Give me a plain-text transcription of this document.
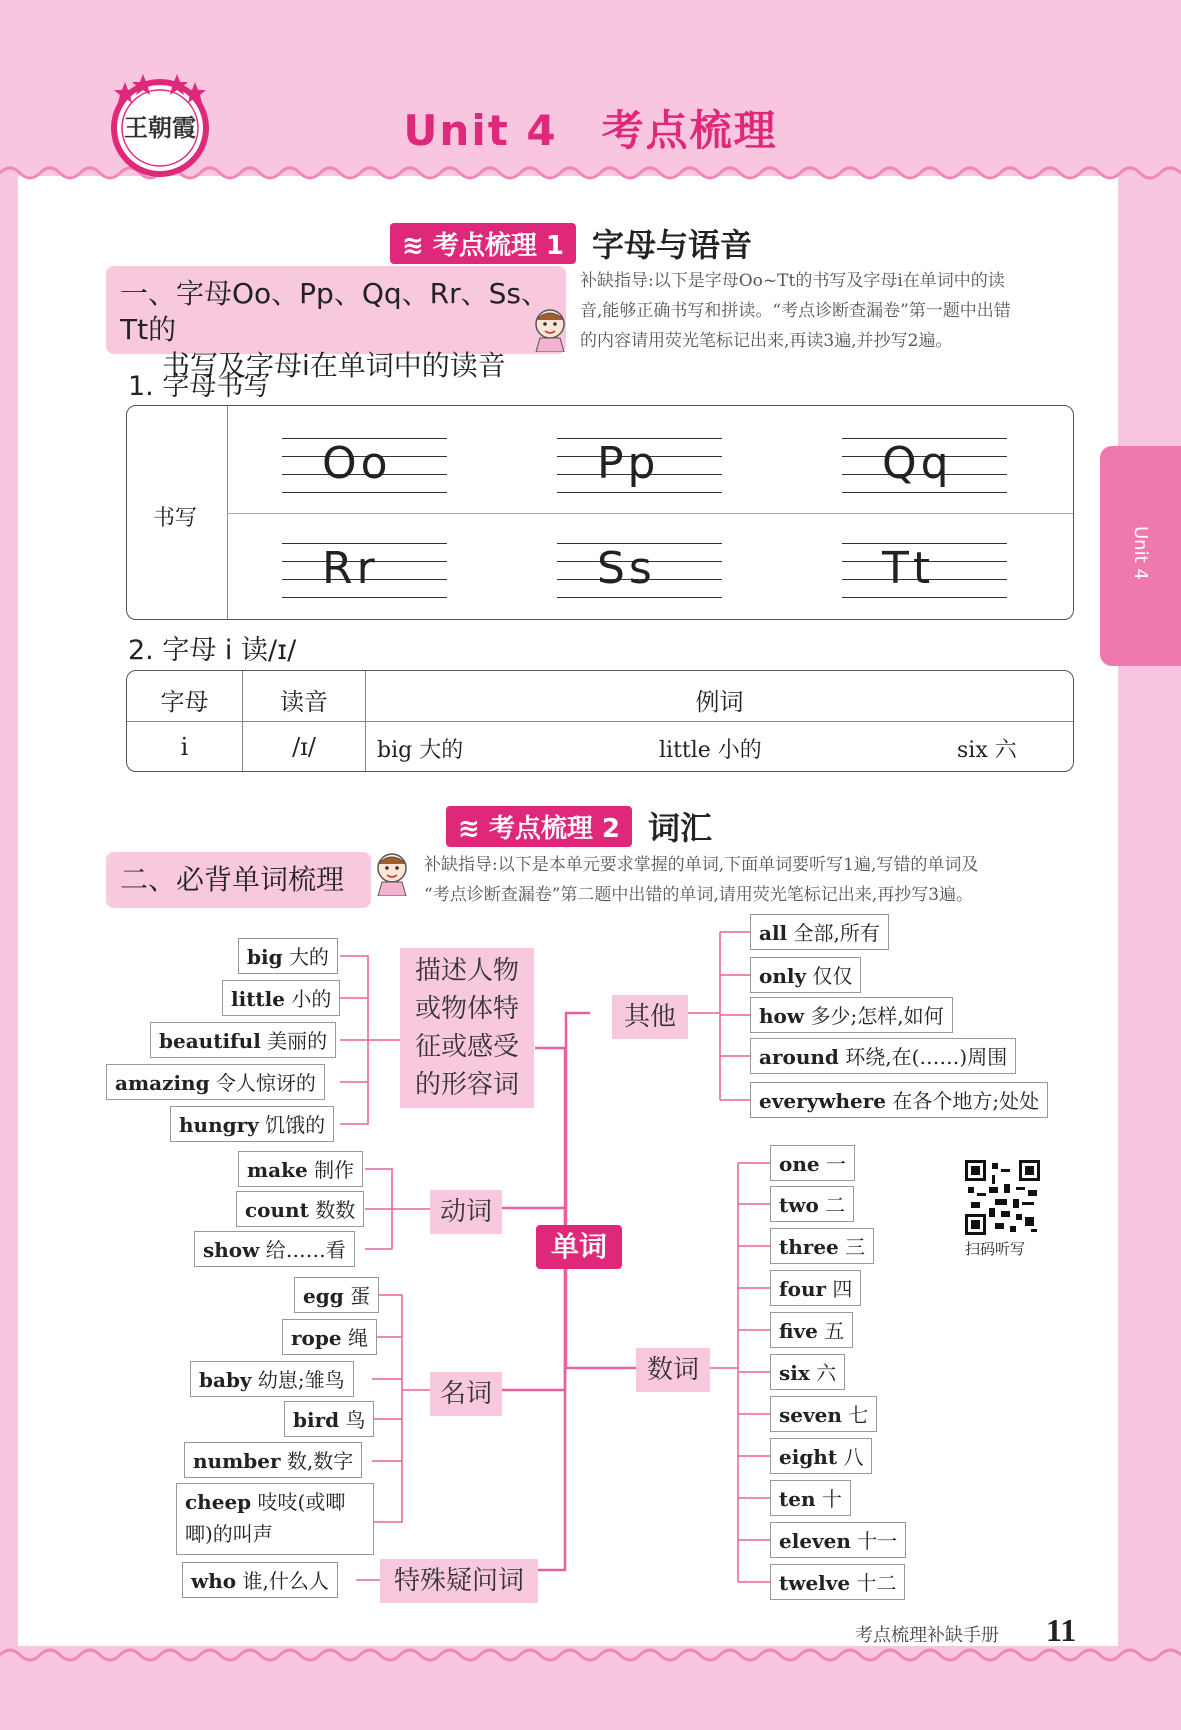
王朝霞	Unit 4　考点梳理
Unit 4
≋ 考点梳理 1 字母与语音
一、字母Oo、Pp、Qq、Rr、Ss、Tt的
书写及字母i在单词中的读音
补缺指导:以下是字母Oo~Tt的书写及字母i在单词中的读
音,能够正确书写和拼读。“考点诊断查漏卷”第一题中出错
的内容请用荧光笔标记出来,再读3遍,并抄写2遍。
1. 字母书写
书写
Oo	Pp	Qq
Rr	Ss	Tt
2. 字母 i 读/ɪ/
字母	读音	例词
i	/ɪ/	big 大的	little 小的	six 六
≋ 考点梳理 2 词汇
二、必背单词梳理	补缺指导:以下是本单元要求掌握的单词,下面单词要听写1遍,写错的单词及
“考点诊断查漏卷”第二题中出错的单词,请用荧光笔标记出来,再抄写3遍。
单词
描述人物或物体特征或感受的形容词
big 大的
little 小的
beautiful 美丽的
amazing 令人惊讶的
hungry 饥饿的
动词
make 制作
count 数数
show 给……看
名词
egg 蛋
rope 绳
baby 幼崽;雏鸟
bird 鸟
number 数,数字
cheep 吱吱(或唧唧)的叫声
特殊疑问词
who 谁,什么人
其他
all 全部,所有
only 仅仅
how 多少;怎样,如何
around 环绕,在(……)周围
everywhere 在各个地方;处处
数词
one 一
two 二
three 三
four 四
five 五
six 六
seven 七
eight 八
ten 十
eleven 十一
twelve 十二
扫码听写
考点梳理补缺手册 11
